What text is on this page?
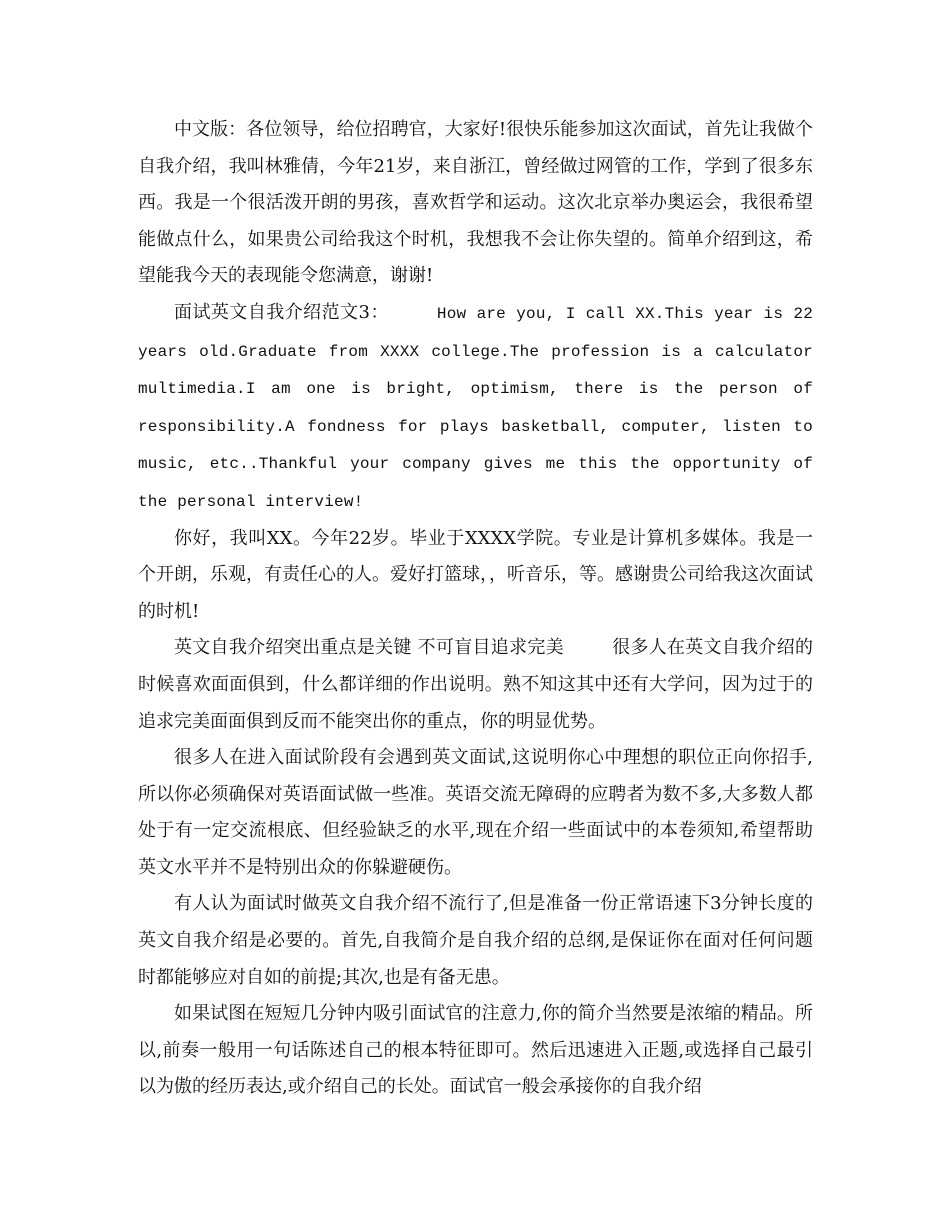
中文版：各位领导，给位招聘官，大家好!很快乐能参加这次面试，首先让我做个自我介绍，我叫林雅倩，今年21岁，来自浙江，曾经做过网管的工作，学到了很多东西。我是一个很活泼开朗的男孩，喜欢哲学和运动。这次北京举办奥运会，我很希望能做点什么，如果贵公司给我这个时机，我想我不会让你失望的。简单介绍到这，希望能我今天的表现能令您满意，谢谢!

面试英文自我介绍范文3：	How are you, I call XX.This year is 22 years old.Graduate from XXXX college.The profession is a calculator multimedia.I am one is bright, optimism, there is the person of responsibility.A fondness for plays basketball, computer, listen to music, etc..Thankful your company gives me this the opportunity of the personal interview!

你好，我叫XX。今年22岁。毕业于XXXX学院。专业是计算机多媒体。我是一个开朗，乐观，有责任心的人。爱好打篮球，，听音乐，等。感谢贵公司给我这次面试的时机!

英文自我介绍突出重点是关键 不可盲目追求完美	很多人在英文自我介绍的时候喜欢面面俱到，什么都详细的作出说明。熟不知这其中还有大学问，因为过于的追求完美面面俱到反而不能突出你的重点，你的明显优势。

很多人在进入面试阶段有会遇到英文面试,这说明你心中理想的职位正向你招手,所以你必须确保对英语面试做一些准。英语交流无障碍的应聘者为数不多,大多数人都处于有一定交流根底、但经验缺乏的水平,现在介绍一些面试中的本卷须知,希望帮助英文水平并不是特别出众的你躲避硬伤。

有人认为面试时做英文自我介绍不流行了,但是准备一份正常语速下3分钟长度的英文自我介绍是必要的。首先,自我简介是自我介绍的总纲,是保证你在面对任何问题时都能够应对自如的前提;其次,也是有备无患。

如果试图在短短几分钟内吸引面试官的注意力,你的简介当然要是浓缩的精品。所以,前奏一般用一句话陈述自己的根本特征即可。然后迅速进入正题,或选择自己最引以为傲的经历表达,或介绍自己的长处。面试官一般会承接你的自我介绍
